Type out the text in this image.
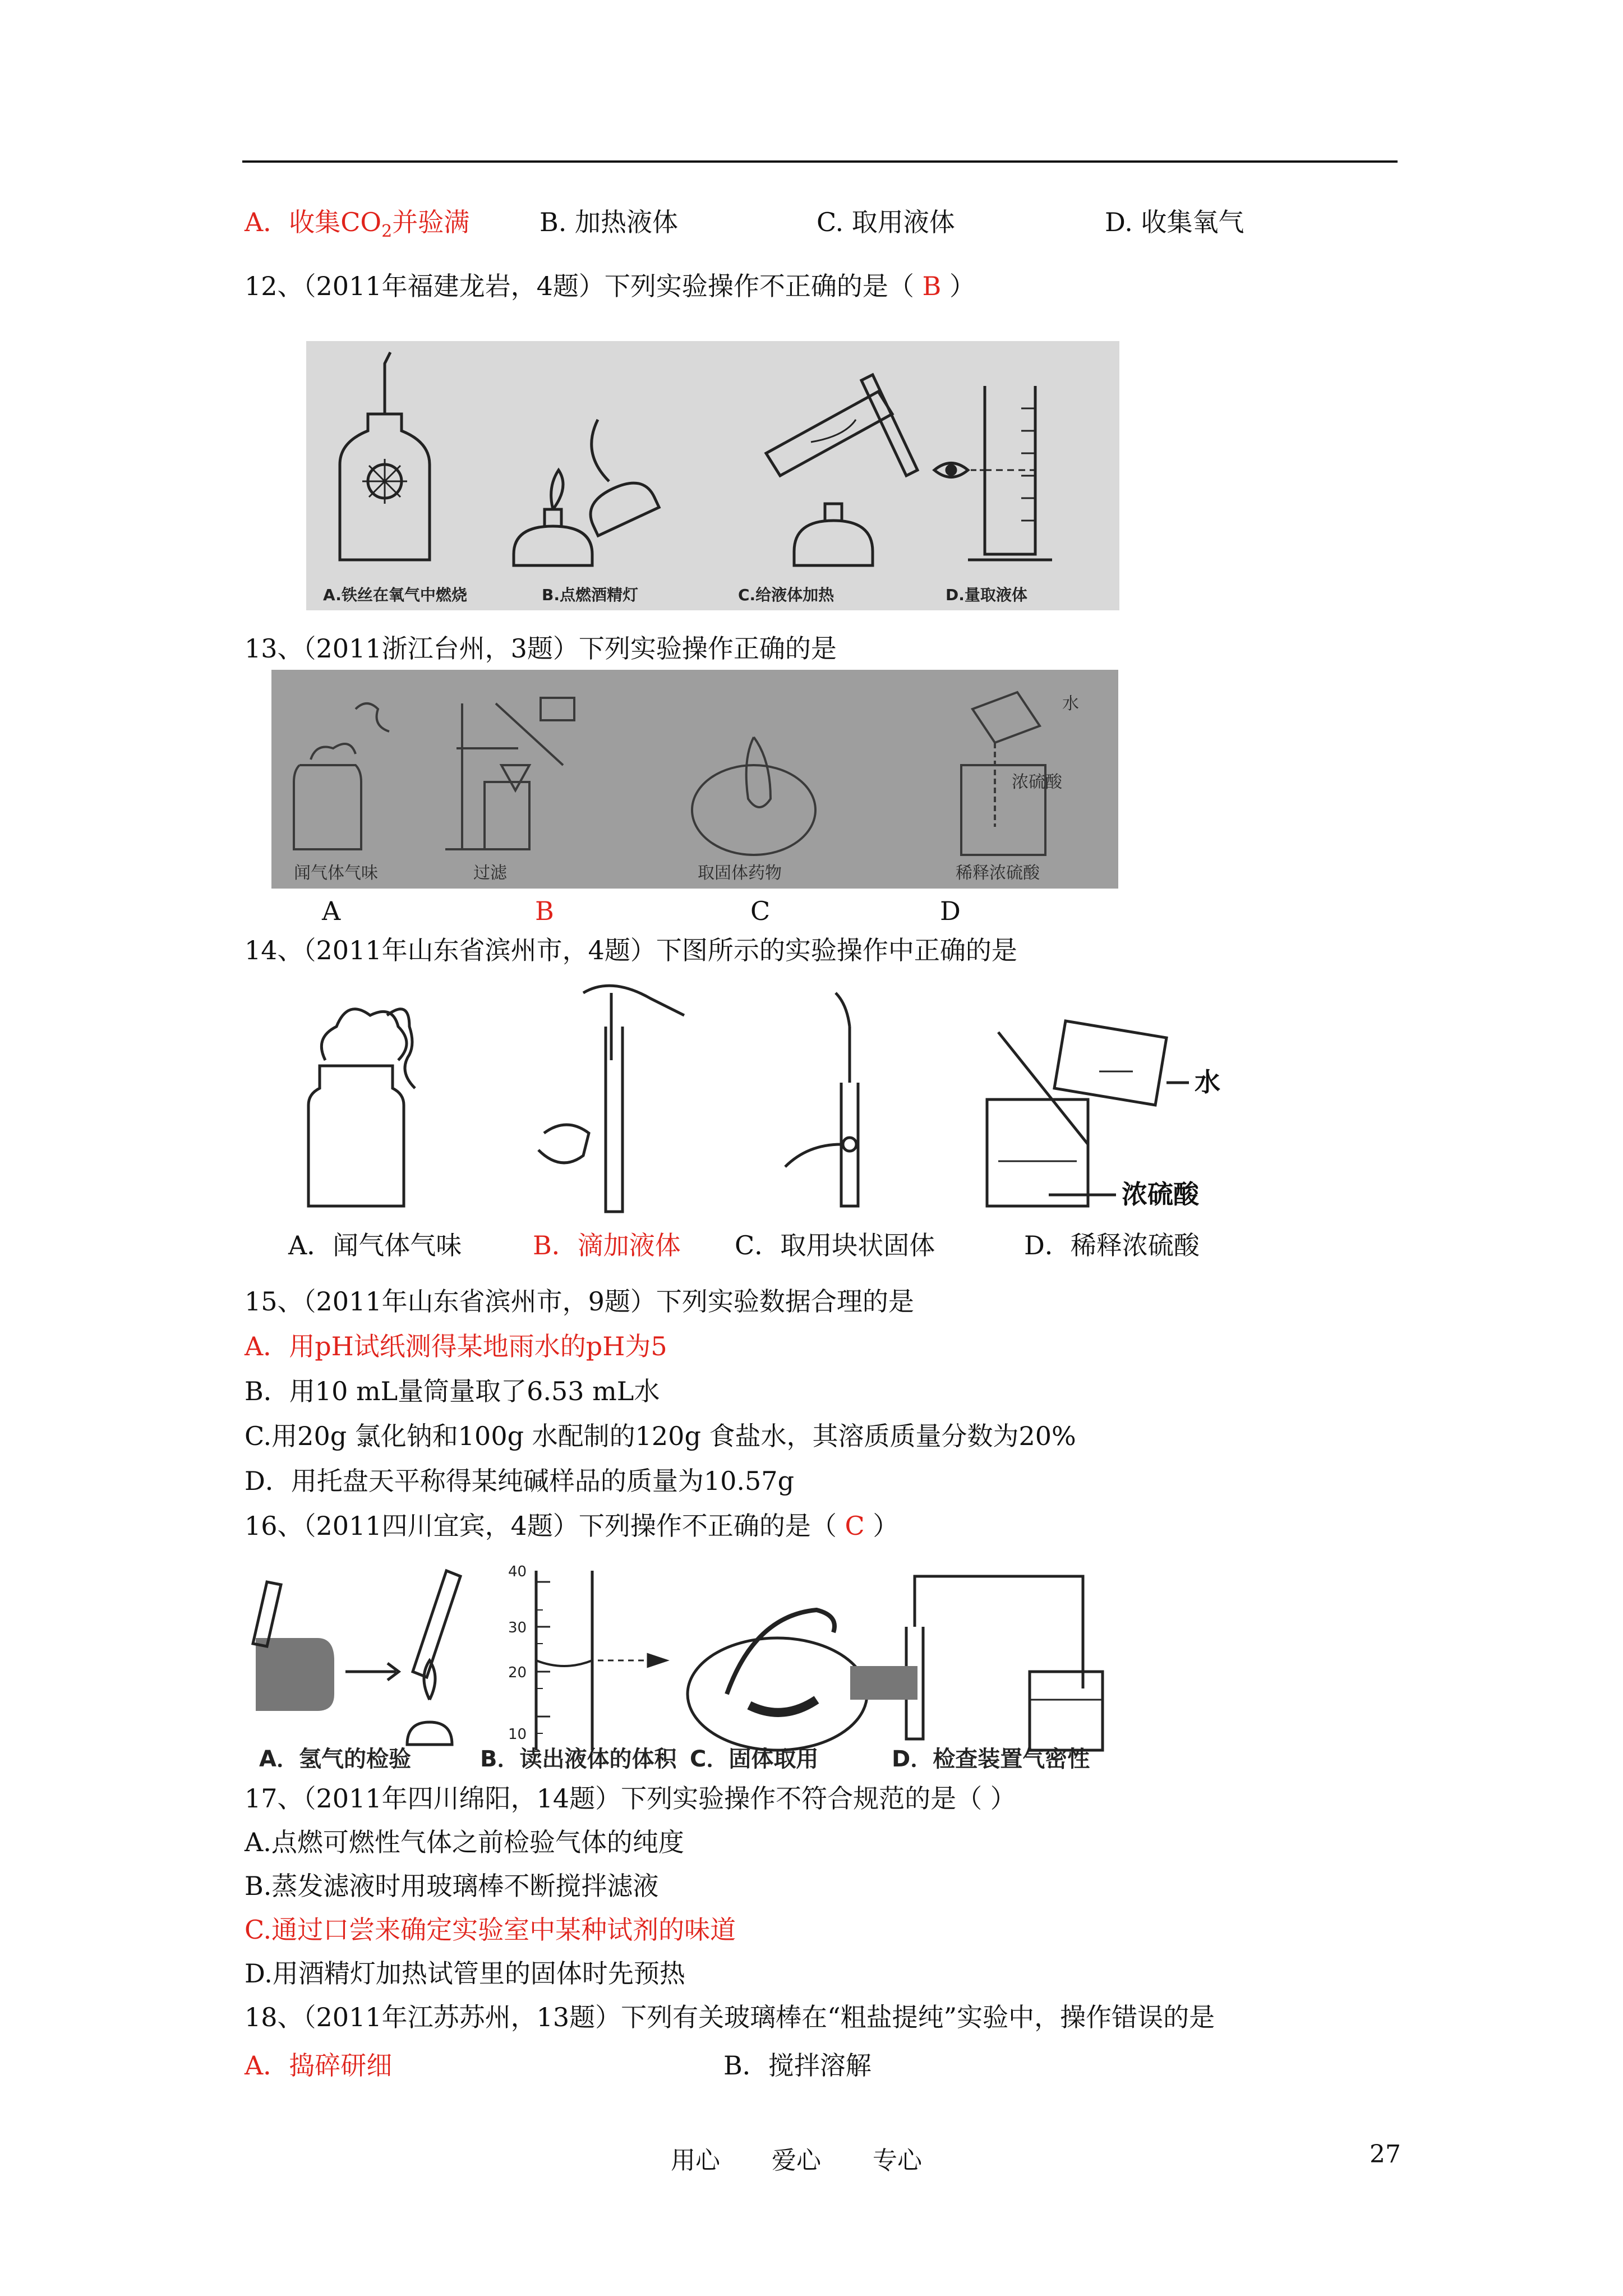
A．收集$CO_2$并验满	B. 加热液体	C. 取用液体	D. 收集氧气
12、（2011年福建龙岩，4题）下列实验操作不正确的是（ B ）
A.铁丝在氧气中燃烧	B.点燃酒精灯	C.给液体加热	D.量取液体
13、（2011浙江台州，3题）下列实验操作正确的是
闻气体气味	过滤	取固体药物	稀释浓硫酸
水
浓硫酸
A	B	C	D
14、（2011年山东省滨州市，4题）下图所示的实验操作中正确的是
水
浓硫酸
A．闻气体气味	B．滴加液体 C．取用块状固体	D．稀释浓硫酸
15、（2011年山东省滨州市，9题）下列实验数据合理的是
A．用pH试纸测得某地雨水的pH为5
B．用10 mL量筒量取了6.53 mL水
C.用20g 氯化钠和100g 水配制的120g 食盐水，其溶质质量分数为20%
D．用托盘天平称得某纯碱样品的质量为10.57g
16、（2011四川宜宾，4题）下列操作不正确的是（ C ）
40
30
20
10
A．氢气的检验	B．读出液体的体积 C．固体取用	D．检查装置气密性
17、（2011年四川绵阳，14题）下列实验操作不符合规范的是（ ）
A.点燃可燃性气体之前检验气体的纯度
B.蒸发滤液时用玻璃棒不断搅拌滤液
C.通过口尝来确定实验室中某种试剂的味道
D.用酒精灯加热试管里的固体时先预热
18、（2011年江苏苏州，13题）下列有关玻璃棒在“粗盐提纯”实验中，操作错误的是
A．捣碎研细	B．搅拌溶解
用心 爱心 专心	27
